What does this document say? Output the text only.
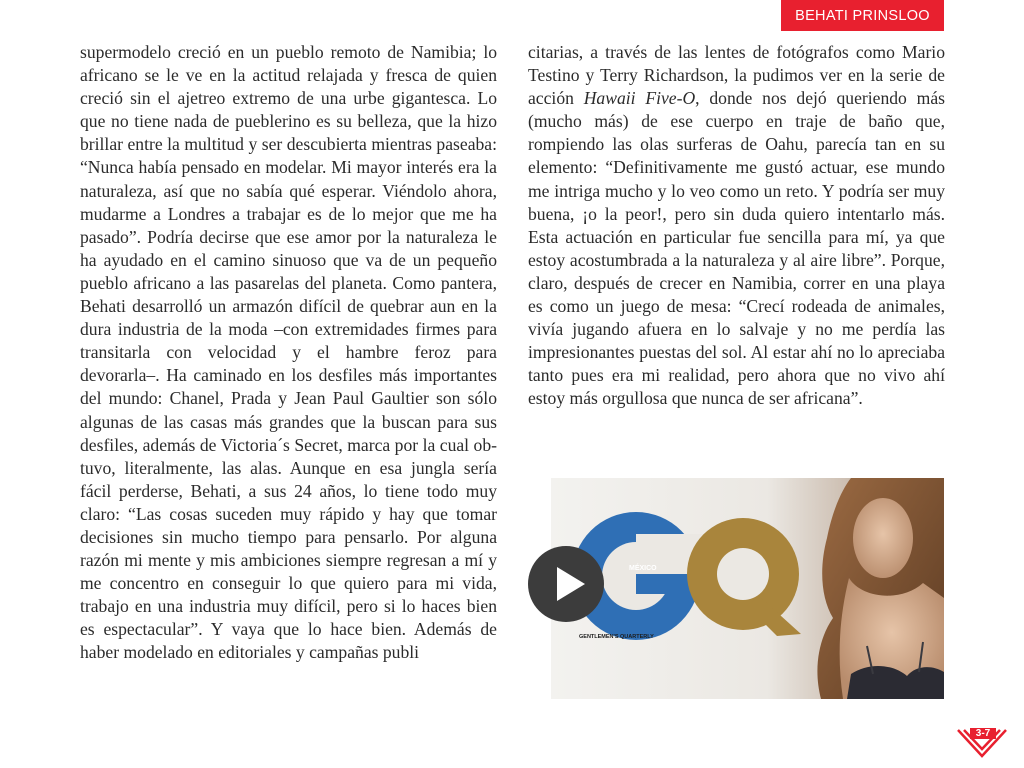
BEHATI PRINSLOO

supermodelo creció en un pueblo remoto de Namibia; lo africano se le ve en la actitud relajada y fresca de quien creció sin el ajetreo extremo de una urbe gigantesca. Lo que no tiene nada de pueblerino es su belleza, que la hizo brillar entre la multitud y ser descubierta mientras paseaba: “Nunca había pensado en modelar. Mi mayor interés era la naturaleza, así que no sabía qué esperar. Viéndolo ahora, mudarme a Londres a trabajar es de lo mejor que me ha pasado”. Podría decirse que ese amor por la naturaleza le ha ayudado en el camino sinuoso que va de un pequeño pueblo africano a las pasarelas del planeta. Como pantera, Behati desarrolló un armazón difícil de quebrar aun en la dura industria de la moda –con extremidades firmes para transitarla con velocidad y el hambre feroz para devorarla–. Ha caminado en los desfiles más importantes del mundo: Chanel, Prada y Jean Paul Gaultier son sólo algunas de las casas más grandes que la buscan para sus desfiles, además de Victoria´s Secret, marca por la cual obtuvo, literalmente, las alas. Aunque en esa jungla sería fácil perderse, Behati, a sus 24 años, lo tiene todo muy claro: “Las cosas suceden muy rápido y hay que tomar decisiones sin mucho tiempo para pensarlo. Por alguna razón mi mente y mis ambiciones siempre regresan a mí y me concentro en conseguir lo que quiero para mi vida, trabajo en una industria muy difícil, pero si lo haces bien es espectacular”. Y vaya que lo hace bien. Además de haber modelado en editoriales y campañas publi

citarias, a través de las lentes de fotógrafos como Mario Testino y Terry Richardson, la pudimos ver en la serie de acción Hawaii Five-O, donde nos dejó queriendo más (mucho más) de ese cuerpo en traje de baño que, rompiendo las olas surferas de Oahu, parecía tan en su elemento: “Definitivamente me gustó actuar, ese mundo me intriga mucho y lo veo como un reto. Y podría ser muy buena, ¡o la peor!, pero sin duda quiero intentarlo más. Esta actuación en particular fue sencilla para mí, ya que estoy acostumbrada a la naturaleza y al aire libre”. Porque, claro, después de crecer en Namibia, correr en una playa es como un juego de mesa: “Crecí rodeada de animales, vivía jugando afuera en lo salvaje y no me perdía las impresionantes puestas del sol. Al estar ahí no lo apreciaba tanto pues era mi realidad, pero ahora que no vivo ahí estoy más orgullosa que nunca de ser africana”.

MÉXICO
GENTLEMEN'S QUARTERLY
3-7
